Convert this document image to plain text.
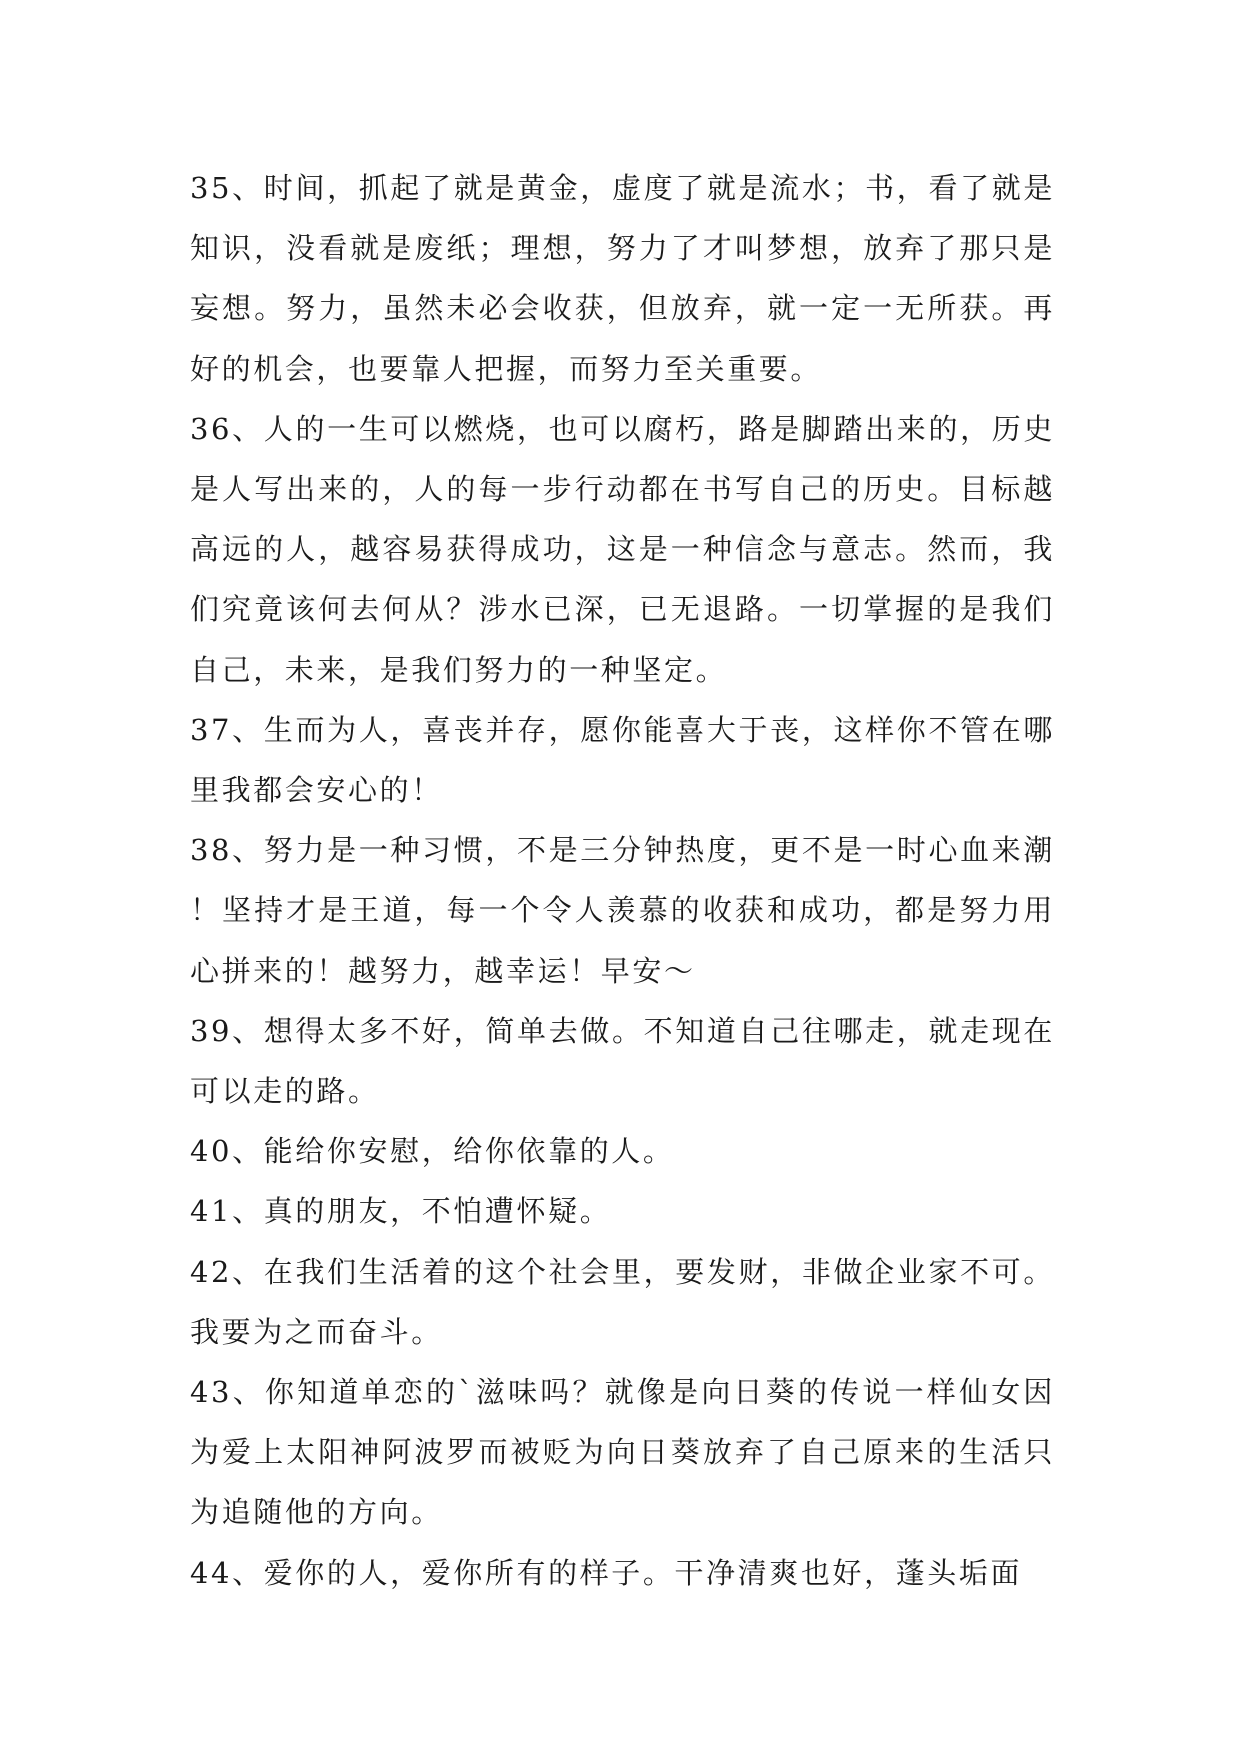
35、时间，抓起了就是黄金，虚度了就是流水；书，看了就是知识，没看就是废纸；理想，努力了才叫梦想，放弃了那只是妄想。努力，虽然未必会收获，但放弃，就一定一无所获。再好的机会，也要靠人把握，而努力至关重要。

36、人的一生可以燃烧，也可以腐朽，路是脚踏出来的，历史是人写出来的，人的每一步行动都在书写自己的历史。目标越高远的人，越容易获得成功，这是一种信念与意志。然而，我们究竟该何去何从？涉水已深，已无退路。一切掌握的是我们自己，未来，是我们努力的一种坚定。

37、生而为人，喜丧并存，愿你能喜大于丧，这样你不管在哪里我都会安心的！

38、努力是一种习惯，不是三分钟热度，更不是一时心血来潮！坚持才是王道，每一个令人羡慕的收获和成功，都是努力用心拼来的！越努力，越幸运！早安～

39、想得太多不好，简单去做。不知道自己往哪走，就走现在可以走的路。

40、能给你安慰，给你依靠的人。

41、真的朋友，不怕遭怀疑。

42、在我们生活着的这个社会里，要发财，非做企业家不可。我要为之而奋斗。

43、你知道单恋的`滋味吗？就像是向日葵的传说一样仙女因为爱上太阳神阿波罗而被贬为向日葵放弃了自己原来的生活只为追随他的方向。

44、爱你的人，爱你所有的样子。干净清爽也好，蓬头垢面
